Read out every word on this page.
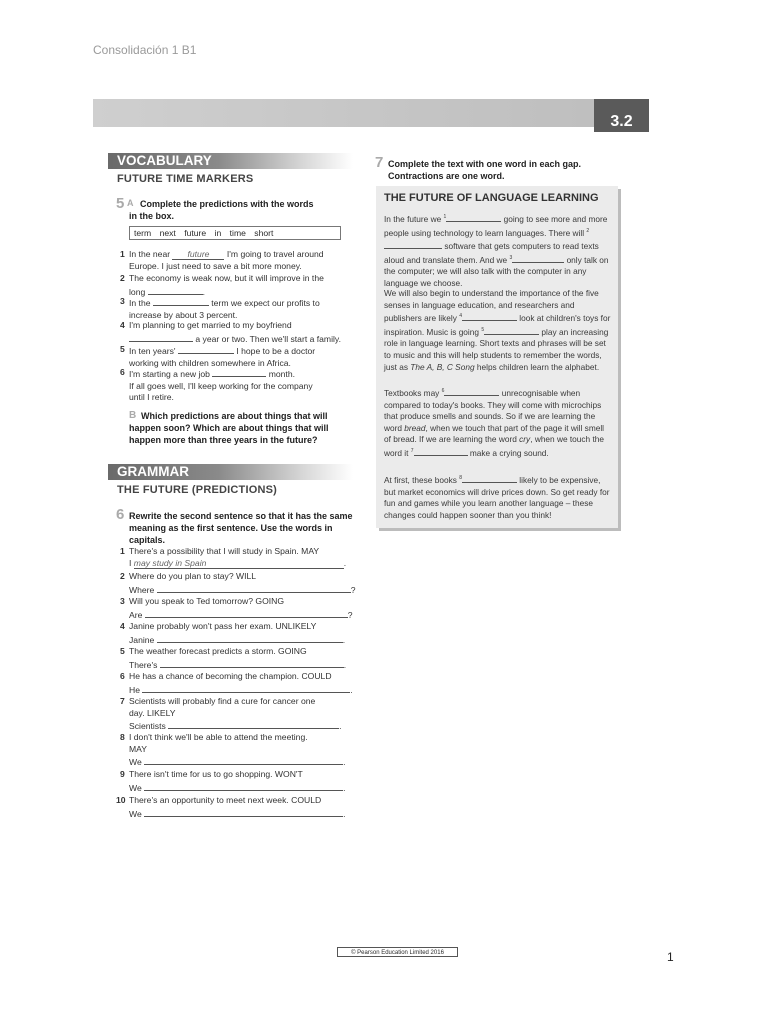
Consolidación 1 B1
3.2
VOCABULARY
FUTURE TIME MARKERS
5 A Complete the predictions with the words
in the box.
term next future in time short
1 In the near future I'm going to travel around
Europe. I just need to save a bit more money.
2 The economy is weak now, but it will improve in the
long	.
3 In the	term we expect our profits to
increase by about 3 percent.
4 I'm planning to get married to my boyfriend
a year or two. Then we'll start a family.
5 In ten years'	I hope to be a doctor
working with children somewhere in Africa.
6 I'm starting a new job	month.
If all goes well, I'll keep working for the company
until I retire.
B Which predictions are about things that will
happen soon? Which are about things that will
happen more than three years in the future?
GRAMMAR
THE FUTURE (PREDICTIONS)
6 Rewrite the second sentence so that it has the same
meaning as the first sentence. Use the words in
capitals.
1 There's a possibility that I will study in Spain. MAY
I may study in Spain	.
2 Where do you plan to stay? WILL
Where	?
3 Will you speak to Ted tomorrow? GOING
Are	?
4 Janine probably won't pass her exam. UNLIKELY
Janine	.
5 The weather forecast predicts a storm. GOING
There's	.
6 He has a chance of becoming the champion. COULD
He	.
7 Scientists will probably find a cure for cancer one
day. LIKELY
Scientists	.
8 I don't think we'll be able to attend the meeting.
MAY
We	.
9 There isn't time for us to go shopping. WON'T
We	.
10 There's an opportunity to meet next week. COULD
We	.
7 Complete the text with one word in each gap.
Contractions are one word.
THE FUTURE OF LANGUAGE LEARNING
In the future we $^1$	going to see more and more people using technology to learn languages. There will $^2$ software that gets computers to read texts aloud and translate them. And we $^3$	only talk on the computer; we will also talk with the computer in any language we choose.
We will also begin to understand the importance of the five senses in language education, and researchers and publishers are likely $^4$	look at children's toys for inspiration. Music is going $^5$	play an increasing role in language learning. Short texts and phrases will be set to music and this will help students to remember the words, just as The A, B, C Song helps children learn the alphabet.
Textbooks may $^6$	unrecognisable when compared to today's books. They will come with microchips that produce smells and sounds. So if we are learning the word bread, when we touch that part of the page it will smell of bread. If we are learning the word cry, when we touch the word it $^7$	make a crying sound.
At first, these books $^8$	likely to be expensive, but market economics will drive prices down. So get ready for fun and games while you learn another language – these changes could happen sooner than you think!
© Pearson Education Limited 2016	1
